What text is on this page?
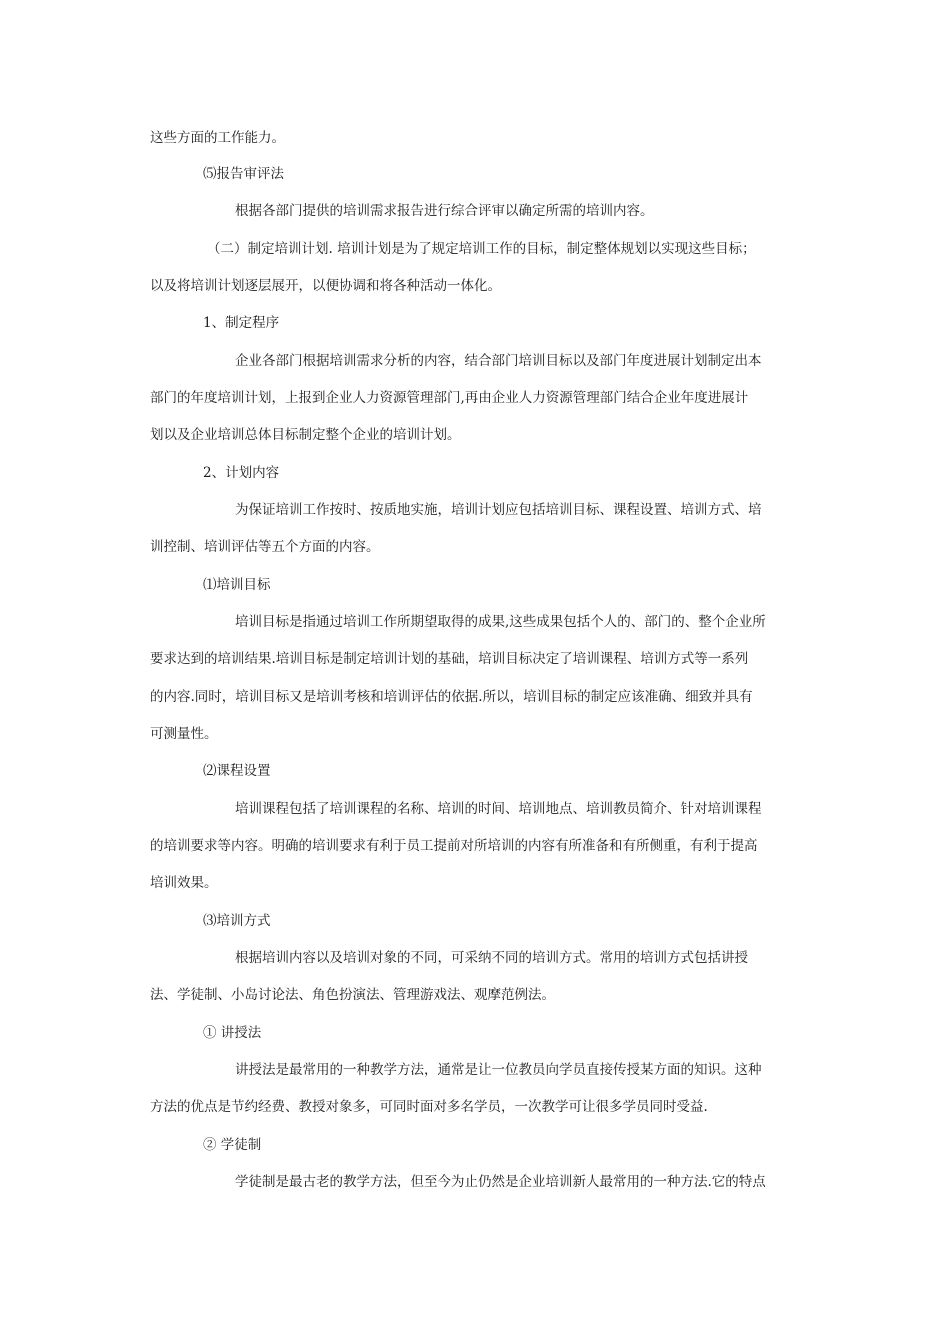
这些方面的工作能力。
⑸报告审评法
根据各部门提供的培训需求报告进行综合评审以确定所需的培训内容。
（二）制定培训计划. 培训计划是为了规定培训工作的目标，制定整体规划以实现这些目标；
以及将培训计划逐层展开，以便协调和将各种活动一体化。
1、制定程序
企业各部门根据培训需求分析的内容，结合部门培训目标以及部门年度进展计划制定出本
部门的年度培训计划，上报到企业人力资源管理部门,再由企业人力资源管理部门结合企业年度进展计
划以及企业培训总体目标制定整个企业的培训计划。
2、计划内容
为保证培训工作按时、按质地实施，培训计划应包括培训目标、课程设置、培训方式、培
训控制、培训评估等五个方面的内容。
⑴培训目标
培训目标是指通过培训工作所期望取得的成果,这些成果包括个人的、部门的、整个企业所
要求达到的培训结果.培训目标是制定培训计划的基础，培训目标决定了培训课程、培训方式等一系列
的内容.同时，培训目标又是培训考核和培训评估的依据.所以，培训目标的制定应该准确、细致并具有
可测量性。
⑵课程设置
培训课程包括了培训课程的名称、培训的时间、培训地点、培训教员简介、针对培训课程
的培训要求等内容。明确的培训要求有利于员工提前对所培训的内容有所准备和有所侧重，有利于提高
培训效果。
⑶培训方式
根据培训内容以及培训对象的不同，可采纳不同的培训方式。常用的培训方式包括讲授
法、学徒制、小岛讨论法、角色扮演法、管理游戏法、观摩范例法。
① 讲授法
讲授法是最常用的一种教学方法，通常是让一位教员向学员直接传授某方面的知识。这种
方法的优点是节约经费、教授对象多，可同时面对多名学员，一次教学可让很多学员同时受益.
② 学徒制
学徒制是最古老的教学方法，但至今为止仍然是企业培训新人最常用的一种方法.它的特点
